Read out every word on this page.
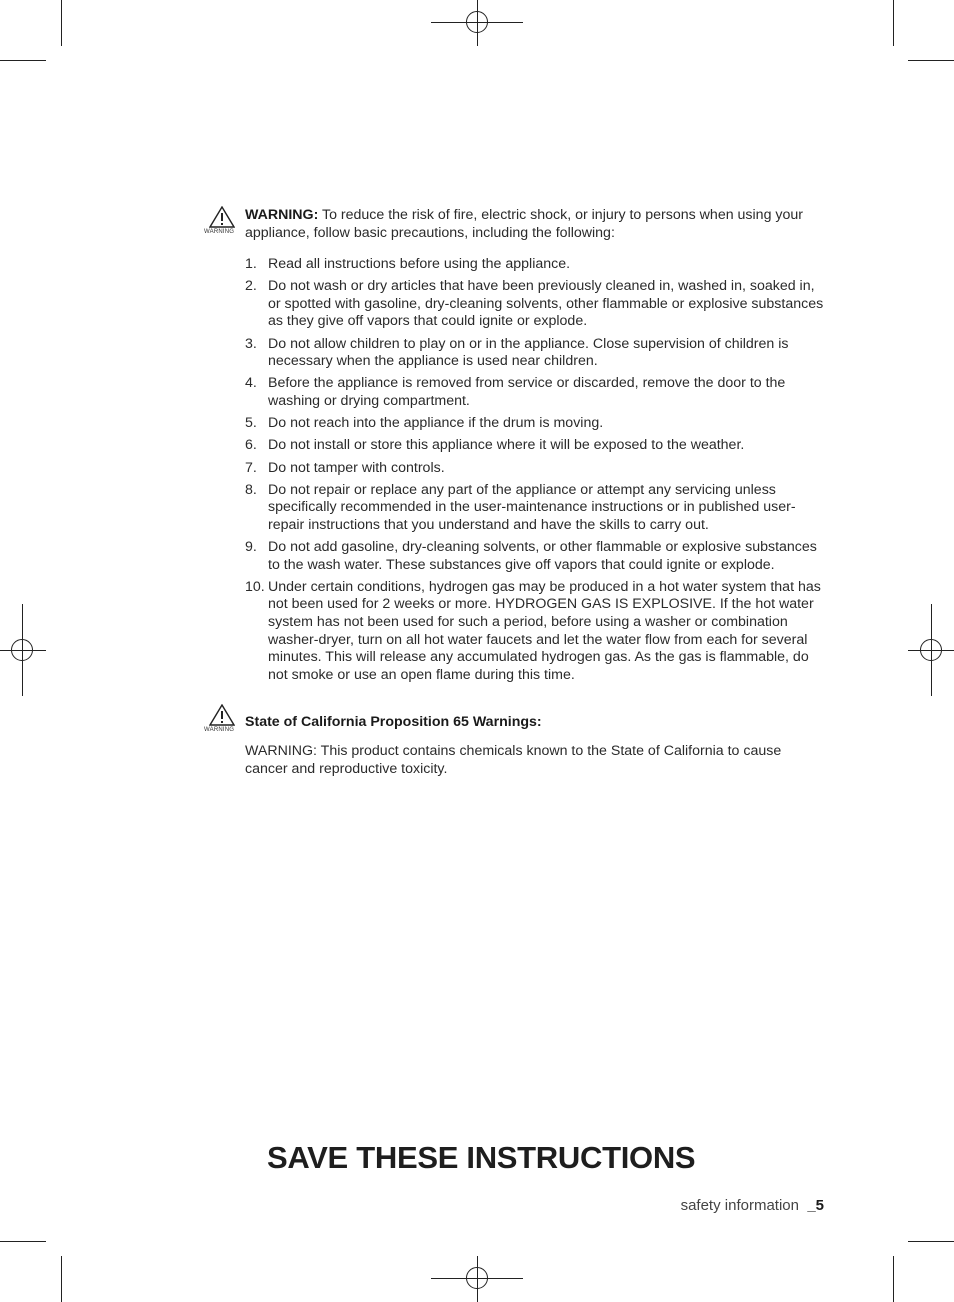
WARNING
WARNING: To reduce the risk of fire, electric shock, or injury to persons when using your appliance, follow basic precautions, including the following:
1. Read all instructions before using the appliance.
2. Do not wash or dry articles that have been previously cleaned in, washed in, soaked in, or spotted with gasoline, dry-cleaning solvents, other flammable or explosive substances as they give off vapors that could ignite or explode.
3. Do not allow children to play on or in the appliance. Close supervision of children is necessary when the appliance is used near children.
4. Before the appliance is removed from service or discarded, remove the door to the washing or drying compartment.
5. Do not reach into the appliance if the drum is moving.
6. Do not install or store this appliance where it will be exposed to the weather.
7. Do not tamper with controls.
8. Do not repair or replace any part of the appliance or attempt any servicing unless specifically recommended in the user-maintenance instructions or in published user-repair instructions that you understand and have the skills to carry out.
9. Do not add gasoline, dry-cleaning solvents, or other flammable or explosive substances to the wash water. These substances give off vapors that could ignite or explode.
10. Under certain conditions, hydrogen gas may be produced in a hot water system that has not been used for 2 weeks or more. HYDROGEN GAS IS EXPLOSIVE. If the hot water system has not been used for such a period, before using a washer or combination washer-dryer, turn on all hot water faucets and let the water flow from each for several minutes. This will release any accumulated hydrogen gas. As the gas is flammable, do not smoke or use an open flame during this time.
WARNING State of California Proposition 65 Warnings:
WARNING: This product contains chemicals known to the State of California to cause cancer and reproductive toxicity.
SAVE THESE INSTRUCTIONS
safety information _5
